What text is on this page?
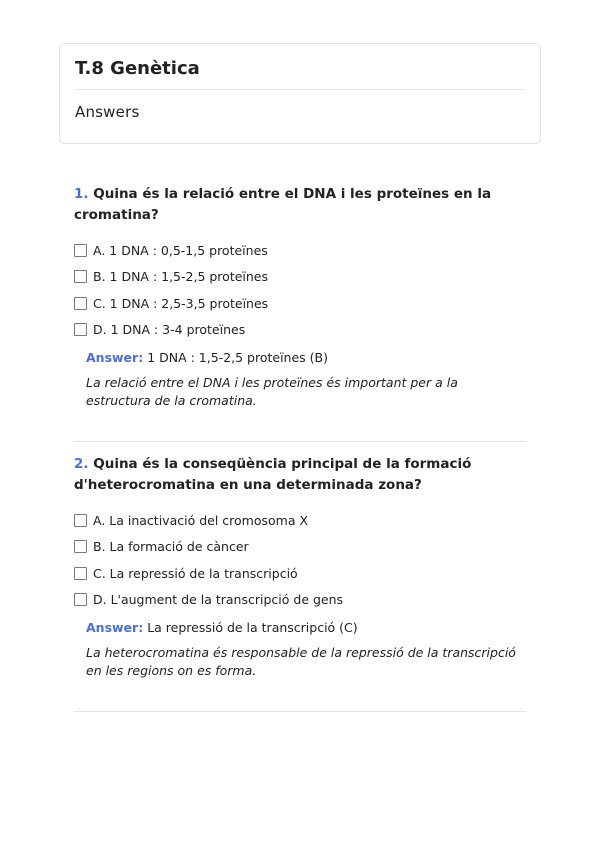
T.8 Genètica
Answers
1. Quina és la relació entre el DNA i les proteïnes en la cromatina?
A. 1 DNA : 0,5-1,5 proteïnes
B. 1 DNA : 1,5-2,5 proteïnes
C. 1 DNA : 2,5-3,5 proteïnes
D. 1 DNA : 3-4 proteïnes
Answer: 1 DNA : 1,5-2,5 proteïnes (B)
La relació entre el DNA i les proteïnes és important per a la estructura de la cromatina.
2. Quina és la conseqüència principal de la formació d'heterocromatina en una determinada zona?
A. La inactivació del cromosoma X
B. La formació de càncer
C. La repressió de la transcripció
D. L'augment de la transcripció de gens
Answer: La repressió de la transcripció (C)
La heterocromatina és responsable de la repressió de la transcripció en les regions on es forma.
